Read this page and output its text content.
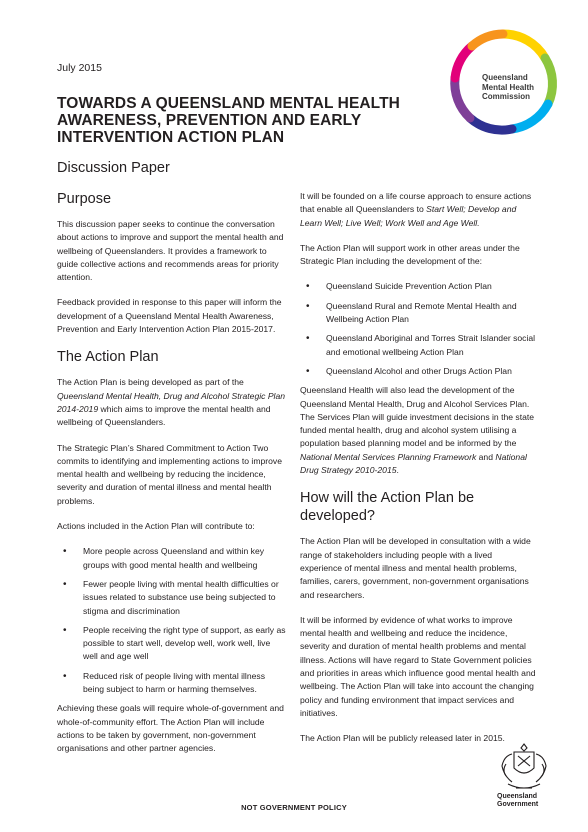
July 2015
TOWARDS A QUEENSLAND MENTAL HEALTH AWARENESS, PREVENTION AND EARLY INTERVENTION ACTION PLAN
Discussion Paper
Queensland
Mental Health
Commission
Purpose

This discussion paper seeks to continue the conversation about actions to improve and support the mental health and wellbeing of Queenslanders. It provides a framework to guide collective actions and recommends areas for priority attention.

Feedback provided in response to this paper will inform the development of a Queensland Mental Health Awareness, Prevention and Early Intervention Action Plan 2015-2017.

The Action Plan

The Action Plan is being developed as part of the Queensland Mental Health, Drug and Alcohol Strategic Plan 2014-2019 which aims to improve the mental health and wellbeing of Queenslanders.

The Strategic Plan’s Shared Commitment to Action Two commits to identifying and implementing actions to improve mental health and wellbeing by reducing the incidence, severity and duration of mental illness and mental health problems.

Actions included in the Action Plan will contribute to:

• More people across Queensland and within key groups with good mental health and wellbeing
• Fewer people living with mental health difficulties or issues related to substance use being subjected to stigma and discrimination
• People receiving the right type of support, as early as possible to start well, develop well, work well, live well and age well
• Reduced risk of people living with mental illness being subject to harm or harming themselves.

Achieving these goals will require whole-of-government and whole-of-community effort. The Action Plan will include actions to be taken by government, non-government organisations and other partner agencies.

It will be founded on a life course approach to ensure actions that enable all Queenslanders to Start Well; Develop and Learn Well; Live Well; Work Well and Age Well.

The Action Plan will support work in other areas under the Strategic Plan including the development of the:

• Queensland Suicide Prevention Action Plan
• Queensland Rural and Remote Mental Health and Wellbeing Action Plan
• Queensland Aboriginal and Torres Strait Islander social and emotional wellbeing Action Plan
• Queensland Alcohol and other Drugs Action Plan

Queensland Health will also lead the development of the Queensland Mental Health, Drug and Alcohol Services Plan. The Services Plan will guide investment decisions in the state funded mental health, drug and alcohol system utilising a population based planning model and be informed by the National Mental Services Planning Framework and National Drug Strategy 2010-2015.

How will the Action Plan be developed?

The Action Plan will be developed in consultation with a wide range of stakeholders including people with a lived experience of mental illness and mental health problems, families, carers, government, non-government organisations and researchers.

It will be informed by evidence of what works to improve mental health and wellbeing and reduce the incidence, severity and duration of mental health problems and mental illness. Actions will have regard to State Government policies and priorities in areas which influence good mental health and wellbeing. The Action Plan will take into account the changing policy and funding environment that impact services and initiatives.

The Action Plan will be publicly released later in 2015.

Queensland
Government
NOT GOVERNMENT POLICY
